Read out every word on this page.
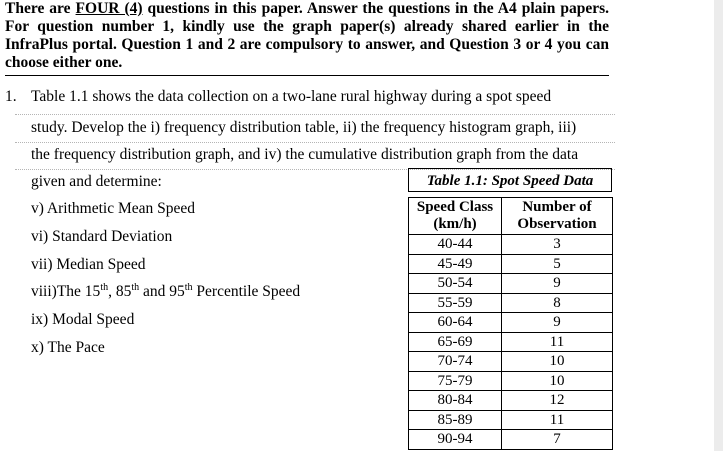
There are FOUR (4) questions in this paper. Answer the questions in the A4 plain papers. For question number 1, kindly use the graph paper(s) already shared earlier in the InfraPlus portal. Question 1 and 2 are compulsory to answer, and Question 3 or 4 you can choose either one.
1. Table 1.1 shows the data collection on a two-lane rural highway during a spot speed
study. Develop the i) frequency distribution table, ii) the frequency histogram graph, iii)
the frequency distribution graph, and iv) the cumulative distribution graph from the data
given and determine:
v) Arithmetic Mean Speed
vi) Standard Deviation
vii) Median Speed
viii)The 15th, 85th and 95th Percentile Speed
ix) Modal Speed
x) The Pace
Table 1.1: Spot Speed Data
Speed Class
(km/h)	Number of
Observation
40-44	3
45-49	5
50-54	9
55-59	8
60-64	9
65-69	11
70-74	10
75-79	10
80-84	12
85-89	11
90-94	7
